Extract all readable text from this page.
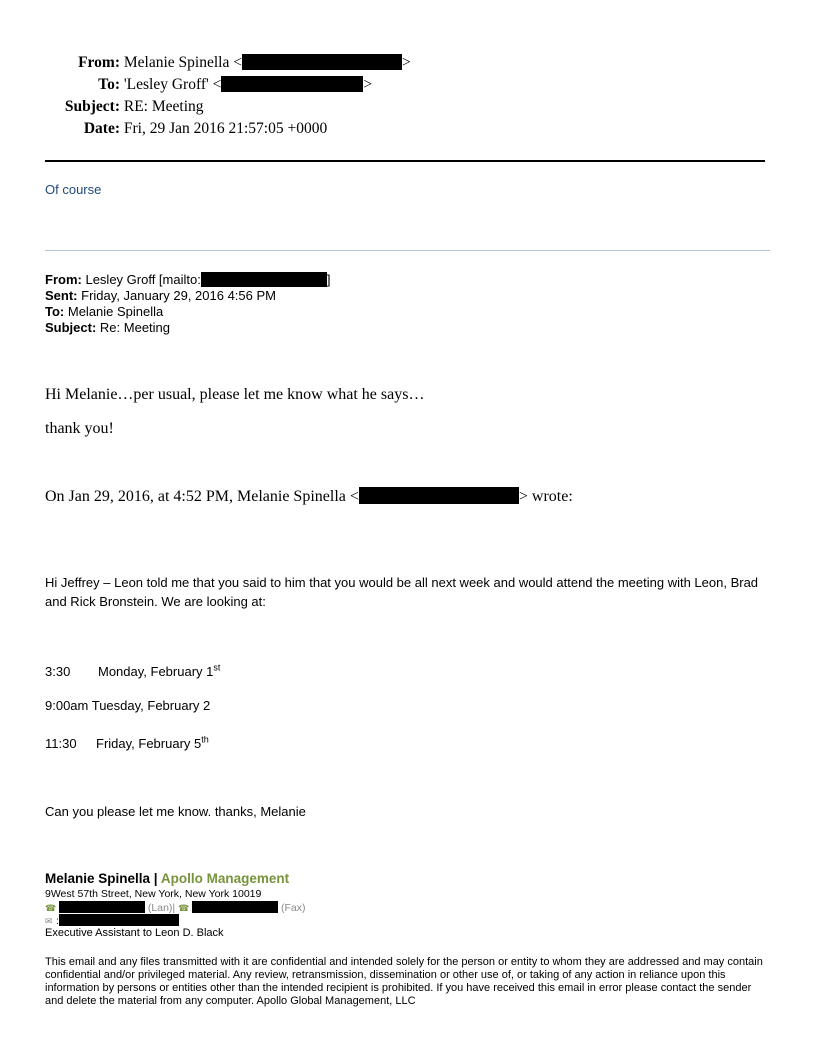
From: Melanie Spinella <	>
To: 'Lesley Groff' <	>
Subject: RE: Meeting
Date: Fri, 29 Jan 2016 21:57:05 +0000
Of course
From: Lesley Groff [mailto:	]
Sent: Friday, January 29, 2016 4:56 PM
To: Melanie Spinella
Subject: Re: Meeting
Hi Melanie…per usual, please let me know what he says…
thank you!
On Jan 29, 2016, at 4:52 PM, Melanie Spinella <	> wrote:
Hi Jeffrey – Leon told me that you said to him that you would be all next week and would attend the meeting with Leon, Brad and Rick Bronstein. We are looking at:
3:30 Monday, February 1st
9:00am Tuesday, February 2
11:30 Friday, February 5th
Can you please let me know. thanks, Melanie
Melanie Spinella | Apollo Management
9West 57th Street, New York, New York 10019
☎	(Lan)| ☎	(Fax)
✉ :
Executive Assistant to Leon D. Black
This email and any files transmitted with it are confidential and intended solely for the person or entity to whom they are addressed and may contain confidential and/or privileged material. Any review, retransmission, dissemination or other use of, or taking of any action in reliance upon this information by persons or entities other than the intended recipient is prohibited. If you have received this email in error please contact the sender and delete the material from any computer. Apollo Global Management, LLC
